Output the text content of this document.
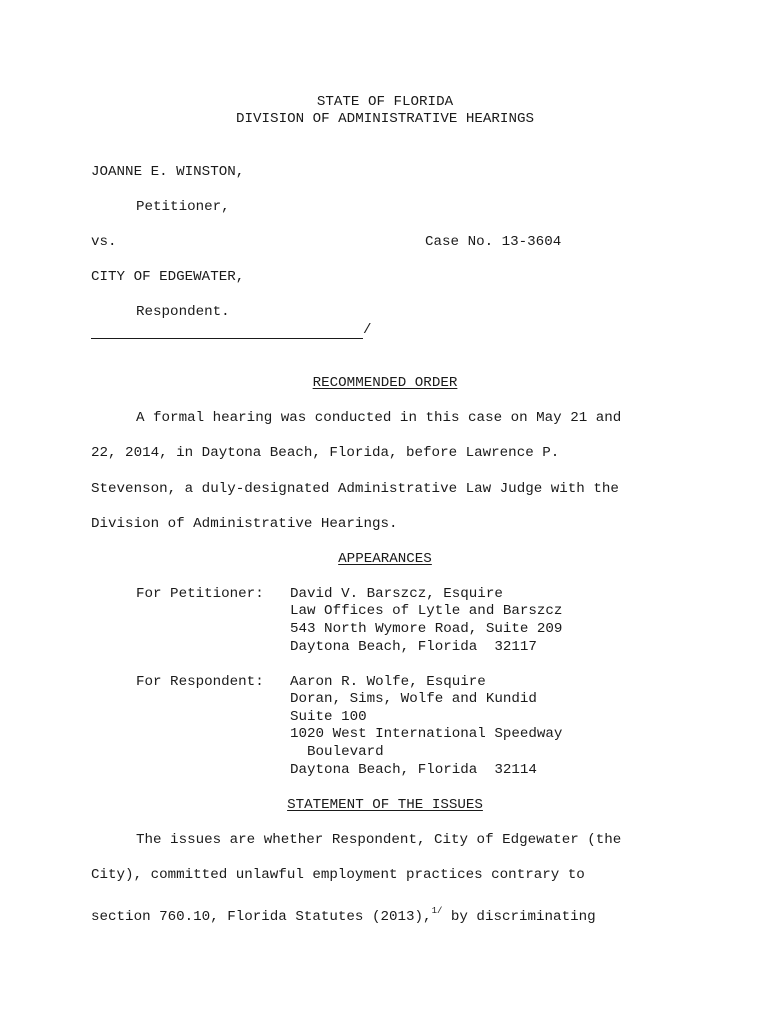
STATE OF FLORIDA
DIVISION OF ADMINISTRATIVE HEARINGS
JOANNE E. WINSTON,
Petitioner,
vs.	Case No. 13-3604
CITY OF EDGEWATER,
Respondent.
/
RECOMMENDED ORDER
A formal hearing was conducted in this case on May 21 and
22, 2014, in Daytona Beach, Florida, before Lawrence P.
Stevenson, a duly-designated Administrative Law Judge with the
Division of Administrative Hearings.
APPEARANCES
For Petitioner: David V. Barszcz, Esquire
Law Offices of Lytle and Barszcz
543 North Wymore Road, Suite 209
Daytona Beach, Florida  32117
For Respondent: Aaron R. Wolfe, Esquire
Doran, Sims, Wolfe and Kundid
Suite 100
1020 West International Speedway
Boulevard
Daytona Beach, Florida  32114
STATEMENT OF THE ISSUES
The issues are whether Respondent, City of Edgewater (the
City), committed unlawful employment practices contrary to
section 760.10, Florida Statutes (2013),$^{1/}$ by discriminating
